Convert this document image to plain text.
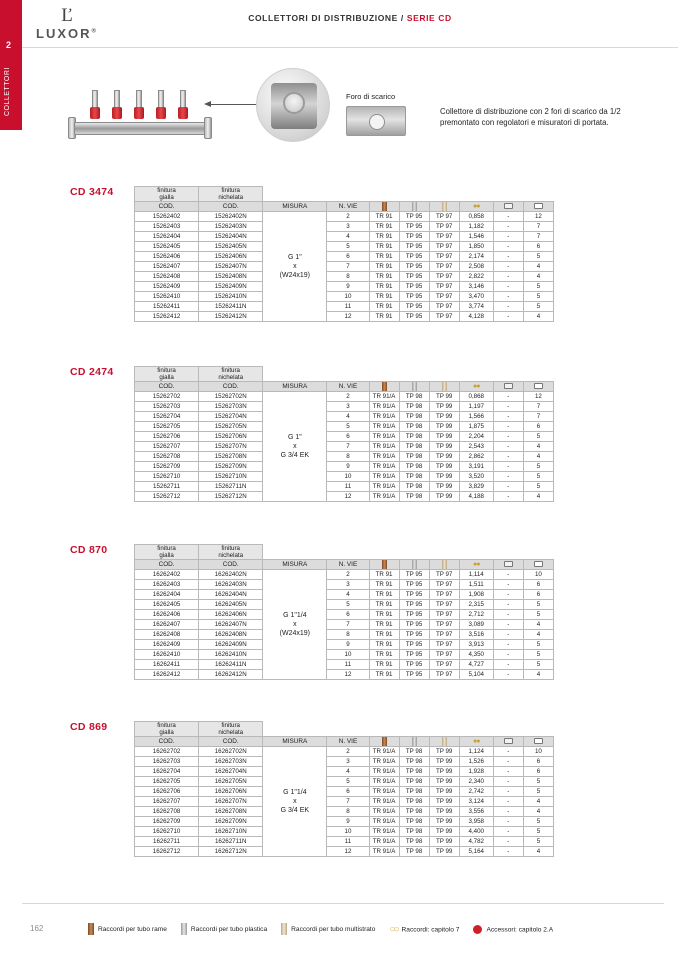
2
COLLETTORI
Ľ
LUXOR®
COLLETTORI DI DISTRIBUZIONE / SERIE CD
Foro di scarico
Collettore di distribuzione con 2 fori di scarico da 1/2 premontato con regolatori e misuratori di portata.
CD 3474	finitura
gialla	finitura
nichelata								
COD.	COD.	MISURA	N. VIE				●●		
15262402	15262402N	G 1"
x
(W24x19)	2	TR 91	TP 95	TP 97	0,858	-	12
15262403	15262403N		3	TR 91	TP 95	TP 97	1,182	-	7
15262404	15262404N		4	TR 91	TP 95	TP 97	1,546	-	7
15262405	15262405N		5	TR 91	TP 95	TP 97	1,850	-	6
15262406	15262406N		6	TR 91	TP 95	TP 97	2,174	-	5
15262407	15262407N		7	TR 91	TP 95	TP 97	2,508	-	4
15262408	15262408N		8	TR 91	TP 95	TP 97	2,822	-	4
15262409	15262409N		9	TR 91	TP 95	TP 97	3,146	-	5
15262410	15262410N		10	TR 91	TP 95	TP 97	3,470	-	5
15262411	15262411N		11	TR 91	TP 95	TP 97	3,774	-	5
15262412	15262412N		12	TR 91	TP 95	TP 97	4,128	-	4
CD 2474	finitura
gialla	finitura
nichelata								
COD.	COD.	MISURA	N. VIE				●●		
15262702	15262702N	G 1"
x
G 3/4 EK	2	TR 91/A	TP 98	TP 99	0,868	-	12
15262703	15262703N		3	TR 91/A	TP 98	TP 99	1,197	-	7
15262704	15262704N		4	TR 91/A	TP 98	TP 99	1,566	-	7
15262705	15262705N		5	TR 91/A	TP 98	TP 99	1,875	-	6
15262706	15262706N		6	TR 91/A	TP 98	TP 99	2,204	-	5
15262707	15262707N		7	TR 91/A	TP 98	TP 99	2,543	-	4
15262708	15262708N		8	TR 91/A	TP 98	TP 99	2,862	-	4
15262709	15262709N		9	TR 91/A	TP 98	TP 99	3,191	-	5
15262710	15262710N		10	TR 91/A	TP 98	TP 99	3,520	-	5
15262711	15262711N		11	TR 91/A	TP 98	TP 99	3,829	-	5
15262712	15262712N		12	TR 91/A	TP 98	TP 99	4,188	-	4
CD 870	finitura
gialla	finitura
nichelata								
COD.	COD.	MISURA	N. VIE				●●		
16262402	16262402N	G 1"1/4
x
(W24x19)	2	TR 91	TP 95	TP 97	1,114	-	10
16262403	16262403N		3	TR 91	TP 95	TP 97	1,511	-	6
16262404	16262404N		4	TR 91	TP 95	TP 97	1,908	-	6
16262405	16262405N		5	TR 91	TP 95	TP 97	2,315	-	5
16262406	16262406N		6	TR 91	TP 95	TP 97	2,712	-	5
16262407	16262407N		7	TR 91	TP 95	TP 97	3,089	-	4
16262408	16262408N		8	TR 91	TP 95	TP 97	3,516	-	4
16262409	16262409N		9	TR 91	TP 95	TP 97	3,913	-	5
16262410	16262410N		10	TR 91	TP 95	TP 97	4,350	-	5
16262411	16262411N		11	TR 91	TP 95	TP 97	4,727	-	5
16262412	16262412N		12	TR 91	TP 95	TP 97	5,104	-	4
CD 869	finitura
gialla	finitura
nichelata								
COD.	COD.	MISURA	N. VIE				●●		
16262702	16262702N	G 1"1/4
x
G 3/4 EK	2	TR 91/A	TP 98	TP 99	1,124	-	10
16262703	16262703N		3	TR 91/A	TP 98	TP 99	1,526	-	6
16262704	16262704N		4	TR 91/A	TP 98	TP 99	1,928	-	6
16262705	16262705N		5	TR 91/A	TP 98	TP 99	2,340	-	5
16262706	16262706N		6	TR 91/A	TP 98	TP 99	2,742	-	5
16262707	16262707N		7	TR 91/A	TP 98	TP 99	3,124	-	4
16262708	16262708N		8	TR 91/A	TP 98	TP 99	3,556	-	4
16262709	16262709N		9	TR 91/A	TP 98	TP 99	3,958	-	5
16262710	16262710N		10	TR 91/A	TP 98	TP 99	4,400	-	5
16262711	16262711N		11	TR 91/A	TP 98	TP 99	4,782	-	5
16262712	16262712N		12	TR 91/A	TP 98	TP 99	5,164	-	4
162	Raccordi per tubo rame	Raccordi per tubo plastica	Raccordi per tubo multistrato ○○ Raccordi: capitolo 7	Accessori: capitolo 2.A
